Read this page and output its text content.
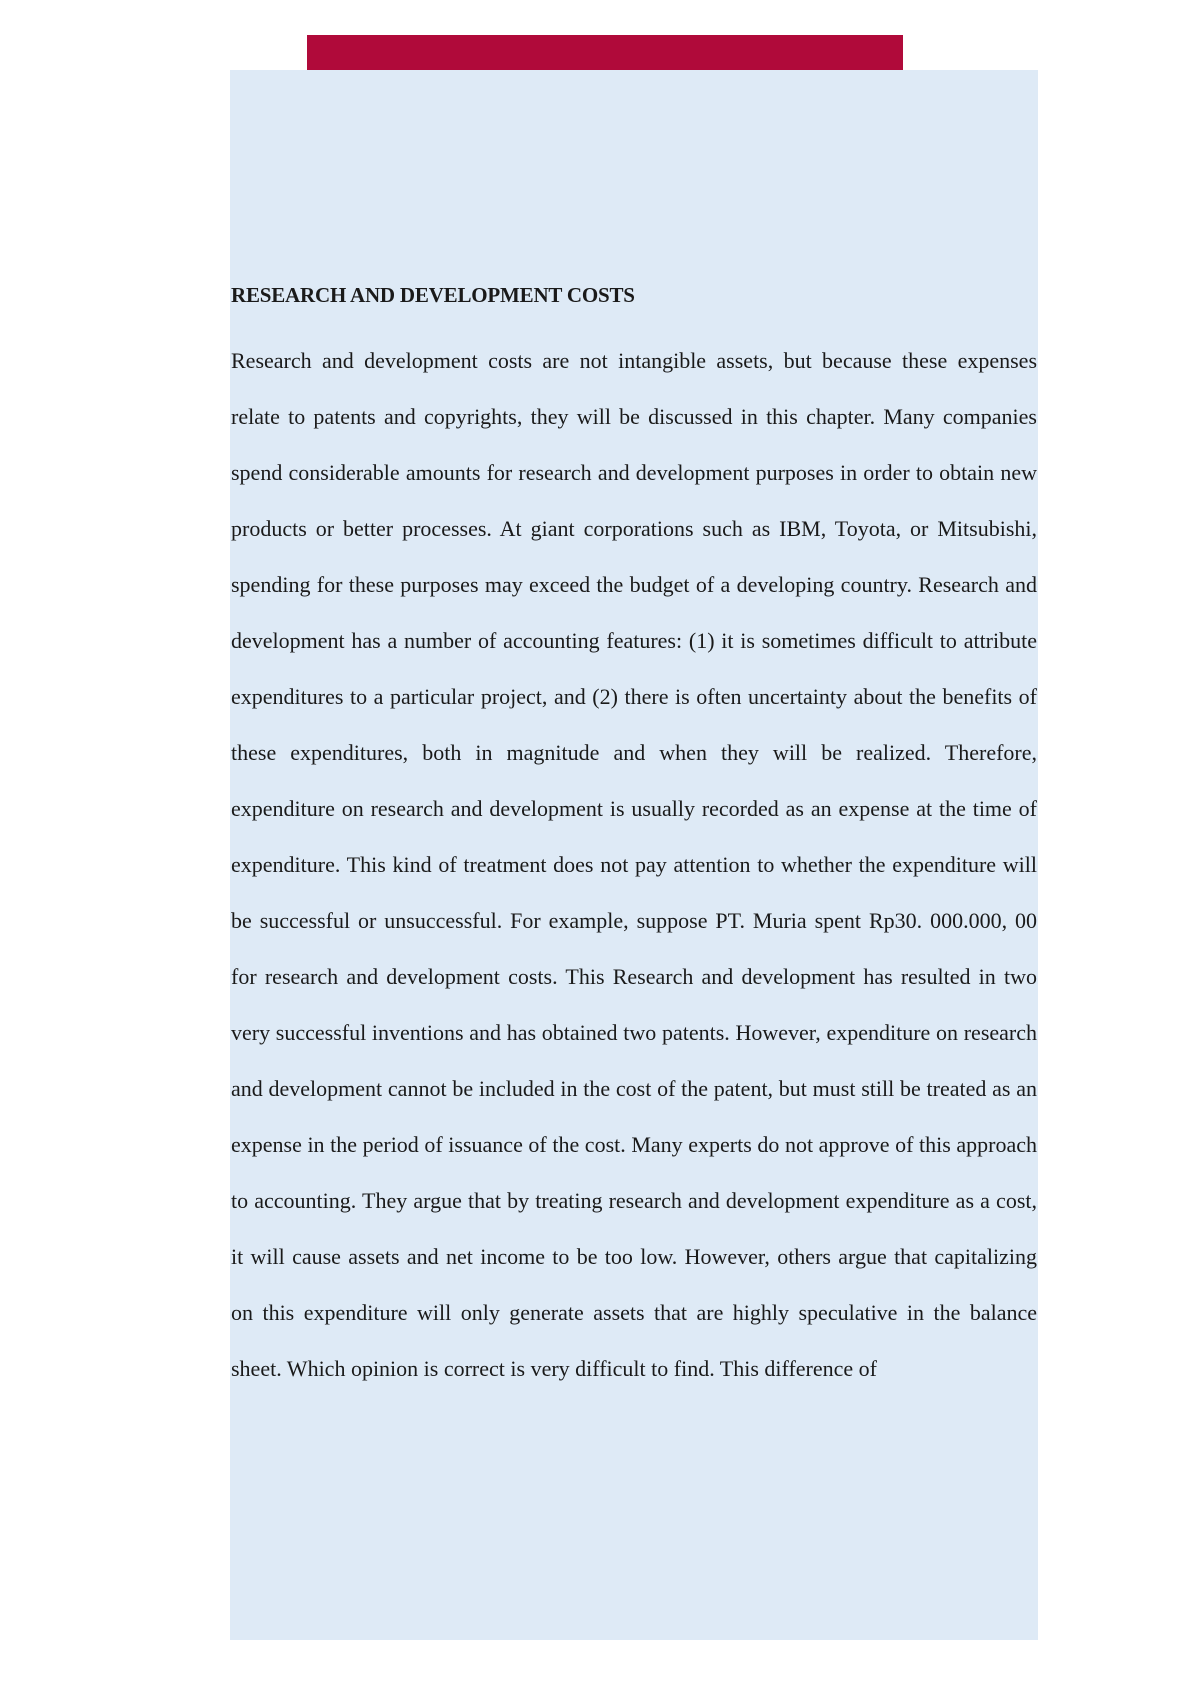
RESEARCH AND DEVELOPMENT COSTS

Research and development costs are not intangible assets, but because these expenses relate to patents and copyrights, they will be discussed in this chapter. Many companies spend considerable amounts for research and development purposes in order to obtain new products or better processes. At giant corporations such as IBM, Toyota, or Mitsubishi, spending for these purposes may exceed the budget of a developing country. Research and development has a number of accounting features: (1) it is sometimes difficult to attribute expenditures to a particular project, and (2) there is often uncertainty about the benefits of these expenditures, both in magnitude and when they will be realized. Therefore, expenditure on research and development is usually recorded as an expense at the time of expenditure. This kind of treatment does not pay attention to whether the expenditure will be successful or unsuccessful. For example, suppose PT. Muria spent Rp30. 000.000, 00 for research and development costs. This Research and development has resulted in two very successful inventions and has obtained two patents. However, expenditure on research and development cannot be included in the cost of the patent, but must still be treated as an expense in the period of issuance of the cost. Many experts do not approve of this approach to accounting. They argue that by treating research and development expenditure as a cost, it will cause assets and net income to be too low. However, others argue that capitalizing on this expenditure will only generate assets that are highly speculative in the balance sheet. Which opinion is correct is very difficult to find. This difference of
